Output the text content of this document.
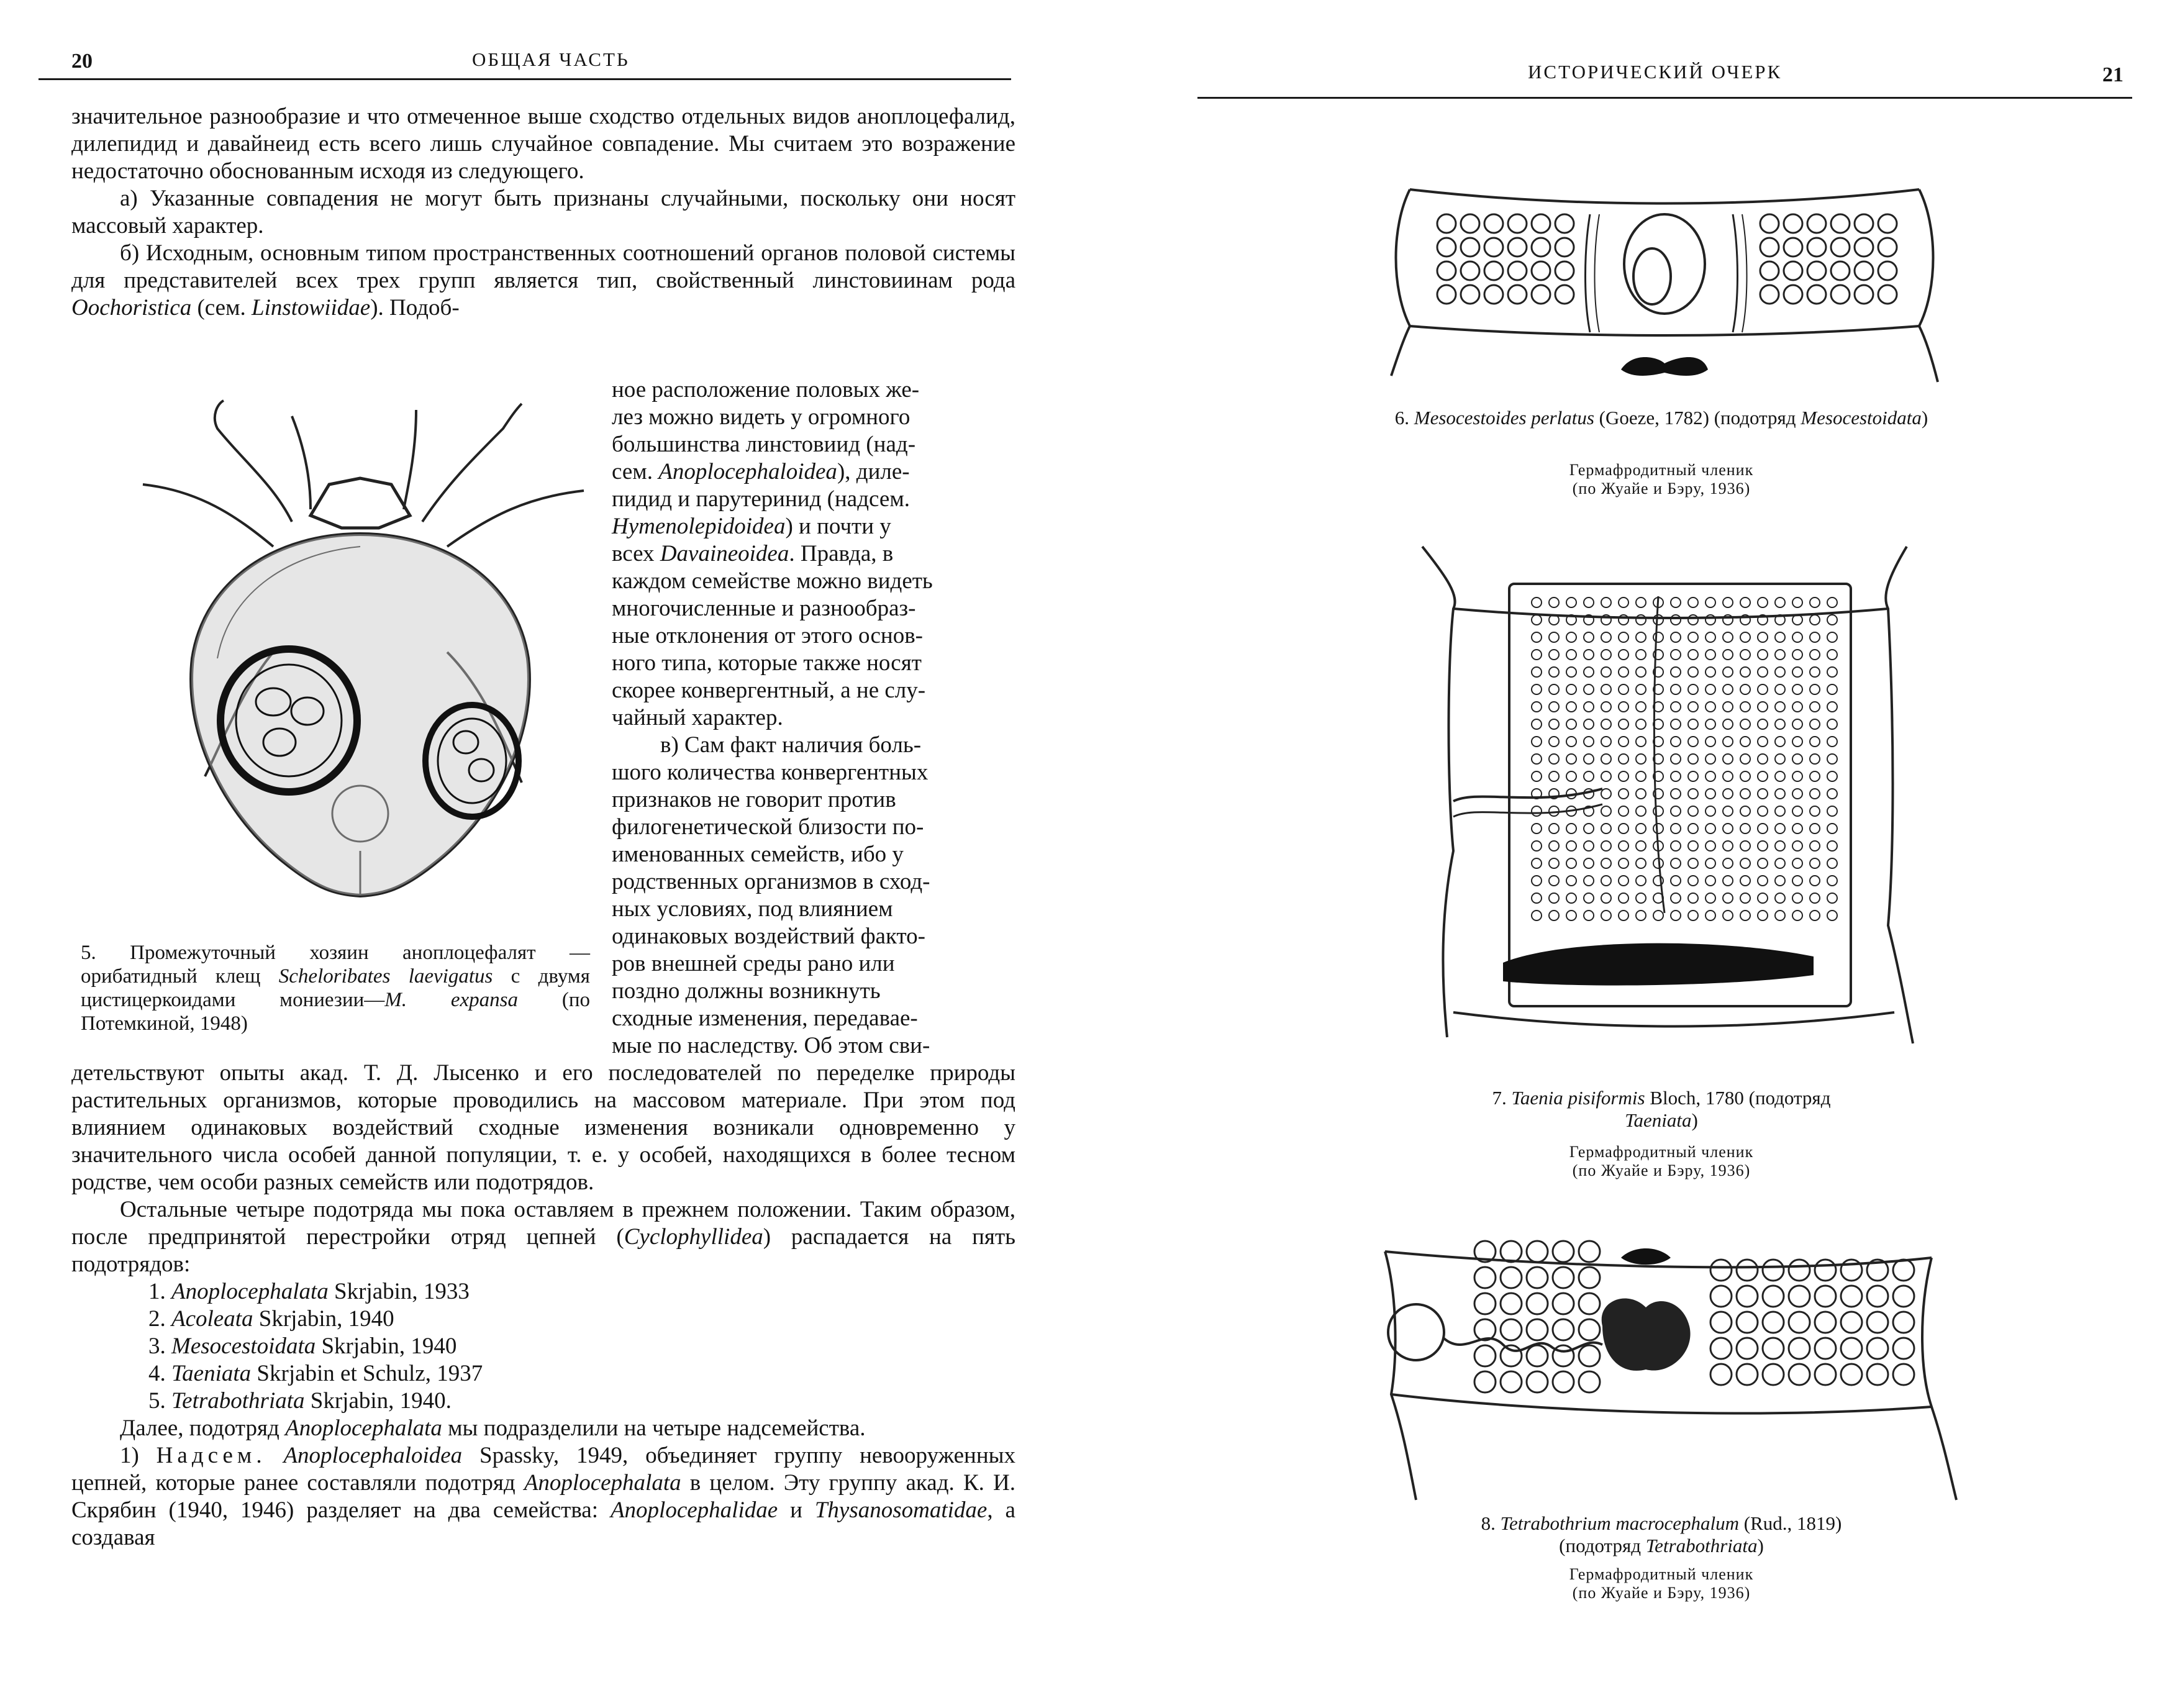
20	ОБЩАЯ ЧАСТЬ

значительное разнообразие и что отмеченное выше сходство отдельных видов аноплоцефалид, дилепидид и давайнеид есть всего лишь случайное совпадение. Мы считаем это возражение недостаточно обоснованным исходя из следующего.

а) Указанные совпадения не могут быть признаны случайными, поскольку они носят массовый характер.

б) Исходным, основным типом пространственных соотношений органов половой системы для представителей всех трех групп является тип, свойственный линстовиинам рода Oochoristica (сем. Linstowiidae). Подоб-

ное расположение половых же-

лез можно видеть у огромного

большинства линстовиид (над-

сем. Anoplocephaloidea), диле-

пидид и парутеринид (надсем.

Hymenolepidoidea) и почти у

всех Davaineoidea. Правда, в

каждом семействе можно видеть

многочисленные и разнообраз-

ные отклонения от этого основ-

ного типа, которые также носят

скорее конвергентный, а не слу-

чайный характер.

в) Сам факт наличия боль-

шого количества конвергентных

признаков не говорит против

филогенетической близости по-

именованных семейств, ибо у

родственных организмов в сход-

ных условиях, под влиянием

одинаковых воздействий факто-

ров внешней среды рано или

поздно должны возникнуть

сходные изменения, передавае-

мые по наследству. Об этом сви-

5. Промежуточный хозяин аноплоцефалят — орибатидный клещ Scheloribates laevigatus с двумя цистицеркоидами мониезии—M. expansa (по Потемкиной, 1948)

детельствуют опыты акад. Т. Д. Лысенко и его последователей по переделке природы растительных организмов, которые проводились на массовом материале. При этом под влиянием одинаковых воздействий сходные изменения возникали одновременно у значительного числа особей данной популяции, т. е. у особей, находящихся в более тесном родстве, чем особи разных семейств или подотрядов.

Остальные четыре подотряда мы пока оставляем в прежнем положении. Таким образом, после предпринятой перестройки отряд цепней (Cyclophyllidea) распадается на пять подотрядов:

1. Anoplocephalata Skrjabin, 1933
2. Acoleata Skrjabin, 1940
3. Mesocestoidata Skrjabin, 1940
4. Taeniata Skrjabin et Schulz, 1937
5. Tetrabothriata Skrjabin, 1940.

Далее, подотряд Anoplocephalata мы подразделили на четыре надсемейства.

1) Надсем. Anoplocephaloidea Spassky, 1949, объединяет группу невооруженных цепней, которые ранее составляли подотряд Anoplocephalata в целом. Эту группу акад. К. И. Скрябин (1940, 1946) разделяет на два семейства: Anoplocephalidae и Thysanosomatidae, а создавая

ИСТОРИЧЕСКИЙ ОЧЕРК	21
6. Mesocestoides perlatus (Goeze, 1782) (подотряд Mesocestoidata)
Гермафродитный членик
(по Жуайе и Бэру, 1936)
7. Taenia pisiformis Bloch, 1780 (подотряд
Taeniata)
Гермафродитный членик
(по Жуайе и Бэру, 1936)
8. Tetrabothrium macrocephalum (Rud., 1819)
(подотряд Tetrabothriata)
Гермафродитный членик
(по Жуайе и Бэру, 1936)
